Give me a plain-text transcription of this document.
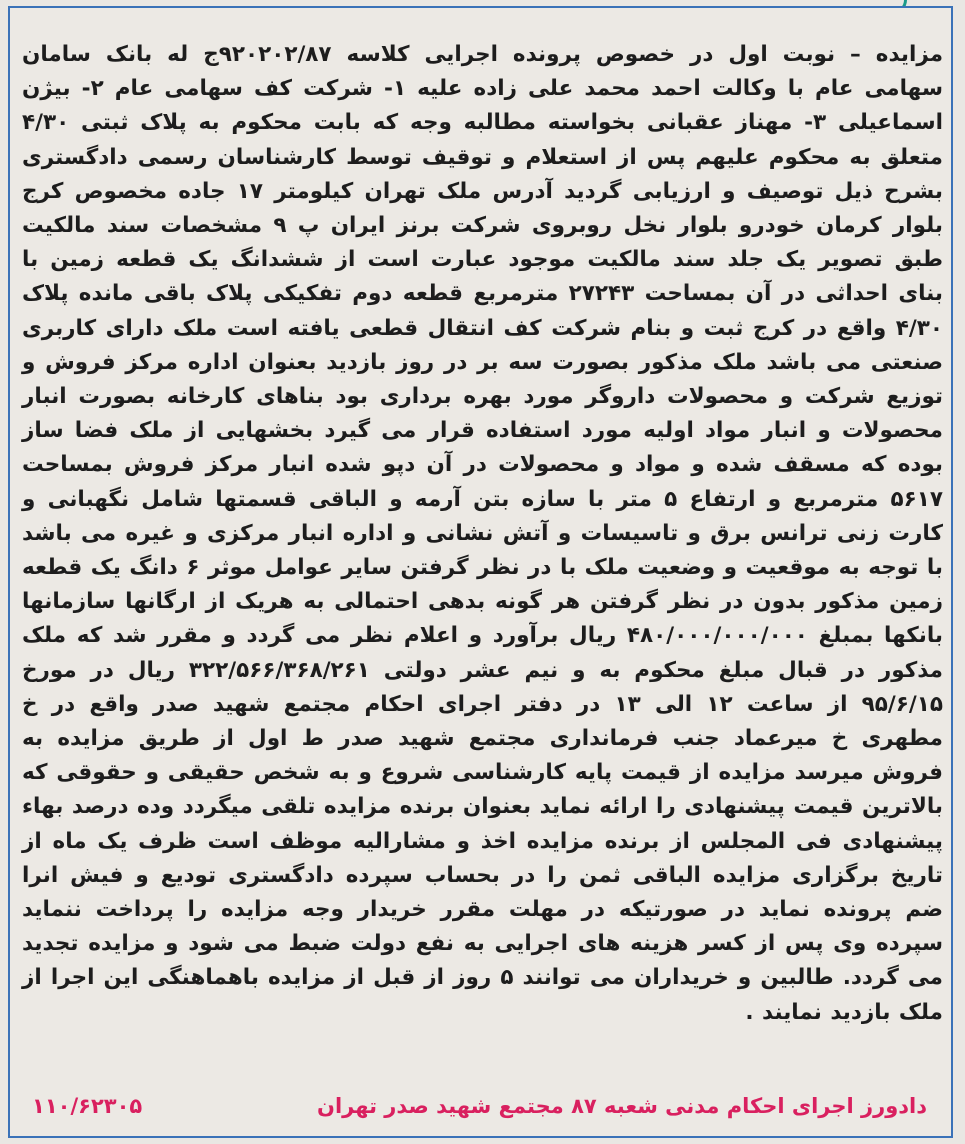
مزایده – نوبت اول در خصوص پرونده اجرایی کلاسه ۹۲۰۲۰۲/۸۷ج له بانک سامان سهامی عام با وکالت احمد محمد علی زاده علیه ۱- شرکت کف سهامی عام ۲- بیژن اسماعیلی ۳- مهناز عقبانی بخواسته مطالبه وجه که بابت محکوم به پلاک ثبتی ۴/۳۰ متعلق به محکوم علیهم پس از استعلام و توقیف توسط کارشناسان رسمی دادگستری بشرح ذیل توصیف و ارزیابی گردید آدرس ملک تهران کیلومتر ۱۷ جاده مخصوص کرج بلوار کرمان خودرو بلوار نخل روبروی شرکت برنز ایران پ ۹ مشخصات سند مالکیت طبق تصویر یک جلد سند مالکیت موجود عبارت است از ششدانگ یک قطعه زمین با بنای احداثی در آن بمساحت ۲۷۲۴۳ مترمربع قطعه دوم تفکیکی پلاک باقی مانده پلاک ۴/۳۰ واقع در کرج ثبت و بنام شرکت کف انتقال قطعی یافته است ملک دارای کاربری صنعتی می باشد ملک مذکور بصورت سه بر در روز بازدید بعنوان اداره مرکز فروش و توزیع شرکت و محصولات داروگر مورد بهره برداری بود بناهای کارخانه بصورت انبار محصولات و انبار مواد اولیه مورد استفاده قرار می گیرد بخشهایی از ملک فضا ساز بوده که مسقف شده و مواد و محصولات در آن دپو شده انبار مرکز فروش بمساحت ۵۶۱۷ مترمربع و ارتفاع ۵ متر با سازه بتن آرمه و الباقی قسمتها شامل نگهبانی و کارت زنی ترانس برق و تاسیسات و آتش نشانی و اداره انبار مرکزی و غیره می باشد با توجه به موقعیت و وضعیت ملک با در نظر گرفتن سایر عوامل موثر ۶ دانگ یک قطعه زمین مذکور بدون در نظر گرفتن هر گونه بدهی احتمالی به هریک از ارگانها سازمانها بانکها بمبلغ ۴۸۰/۰۰۰/۰۰۰/۰۰۰ ریال برآورد و اعلام نظر می گردد و مقرر شد که ملک مذکور در قبال مبلغ محکوم به و نیم عشر دولتی ۳۲۲/۵۶۶/۳۶۸/۲۶۱ ریال در مورخ ۹۵/۶/۱۵ از ساعت ۱۲ الی ۱۳ در دفتر اجرای احکام مجتمع شهید صدر واقع در خ مطهری خ میرعماد جنب فرمانداری مجتمع شهید صدر ط اول از طریق مزایده به فروش میرسد مزایده از قیمت پایه کارشناسی شروع و به شخص حقیقی و حقوقی که بالاترین قیمت پیشنهادی را ارائه نماید بعنوان برنده مزایده تلقی میگردد وده درصد بهاء پیشنهادی فی المجلس از برنده مزایده اخذ و مشارالیه موظف است ظرف یک ماه از تاریخ برگزاری مزایده الباقی ثمن را در بحساب سپرده دادگستری تودیع و فیش انرا ضم پرونده نماید در صورتیکه در مهلت مقرر خریدار وجه مزایده را پرداخت ننماید سپرده وی پس از کسر هزینه های اجرایی به نفع دولت ضبط می شود و مزایده تجدید می گردد. طالبین و خریداران می توانند ۵ روز از قبل از مزایده باهماهنگی این اجرا از ملک بازدید نمایند .
دادورز اجرای احکام مدنی شعبه ۸۷ مجتمع شهید صدر تهران
۱۱۰/۶۲۳۰۵
